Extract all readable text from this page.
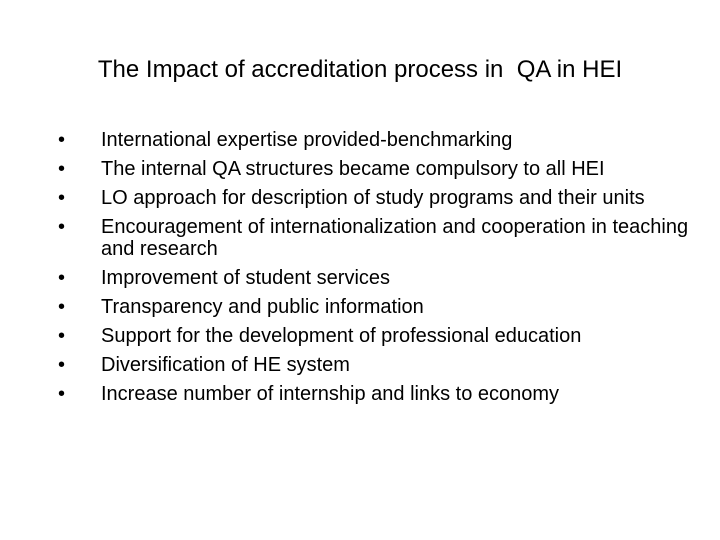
The Impact of accreditation process in  QA in HEI
• International expertise provided-benchmarking
• The internal QA structures became compulsory to all HEI
• LO approach for description of study programs and their units
• Encouragement of internationalization and cooperation in teaching and research
• Improvement of student services
• Transparency and public information
• Support for the development of professional education
• Diversification of HE system
• Increase number of internship and links to economy
